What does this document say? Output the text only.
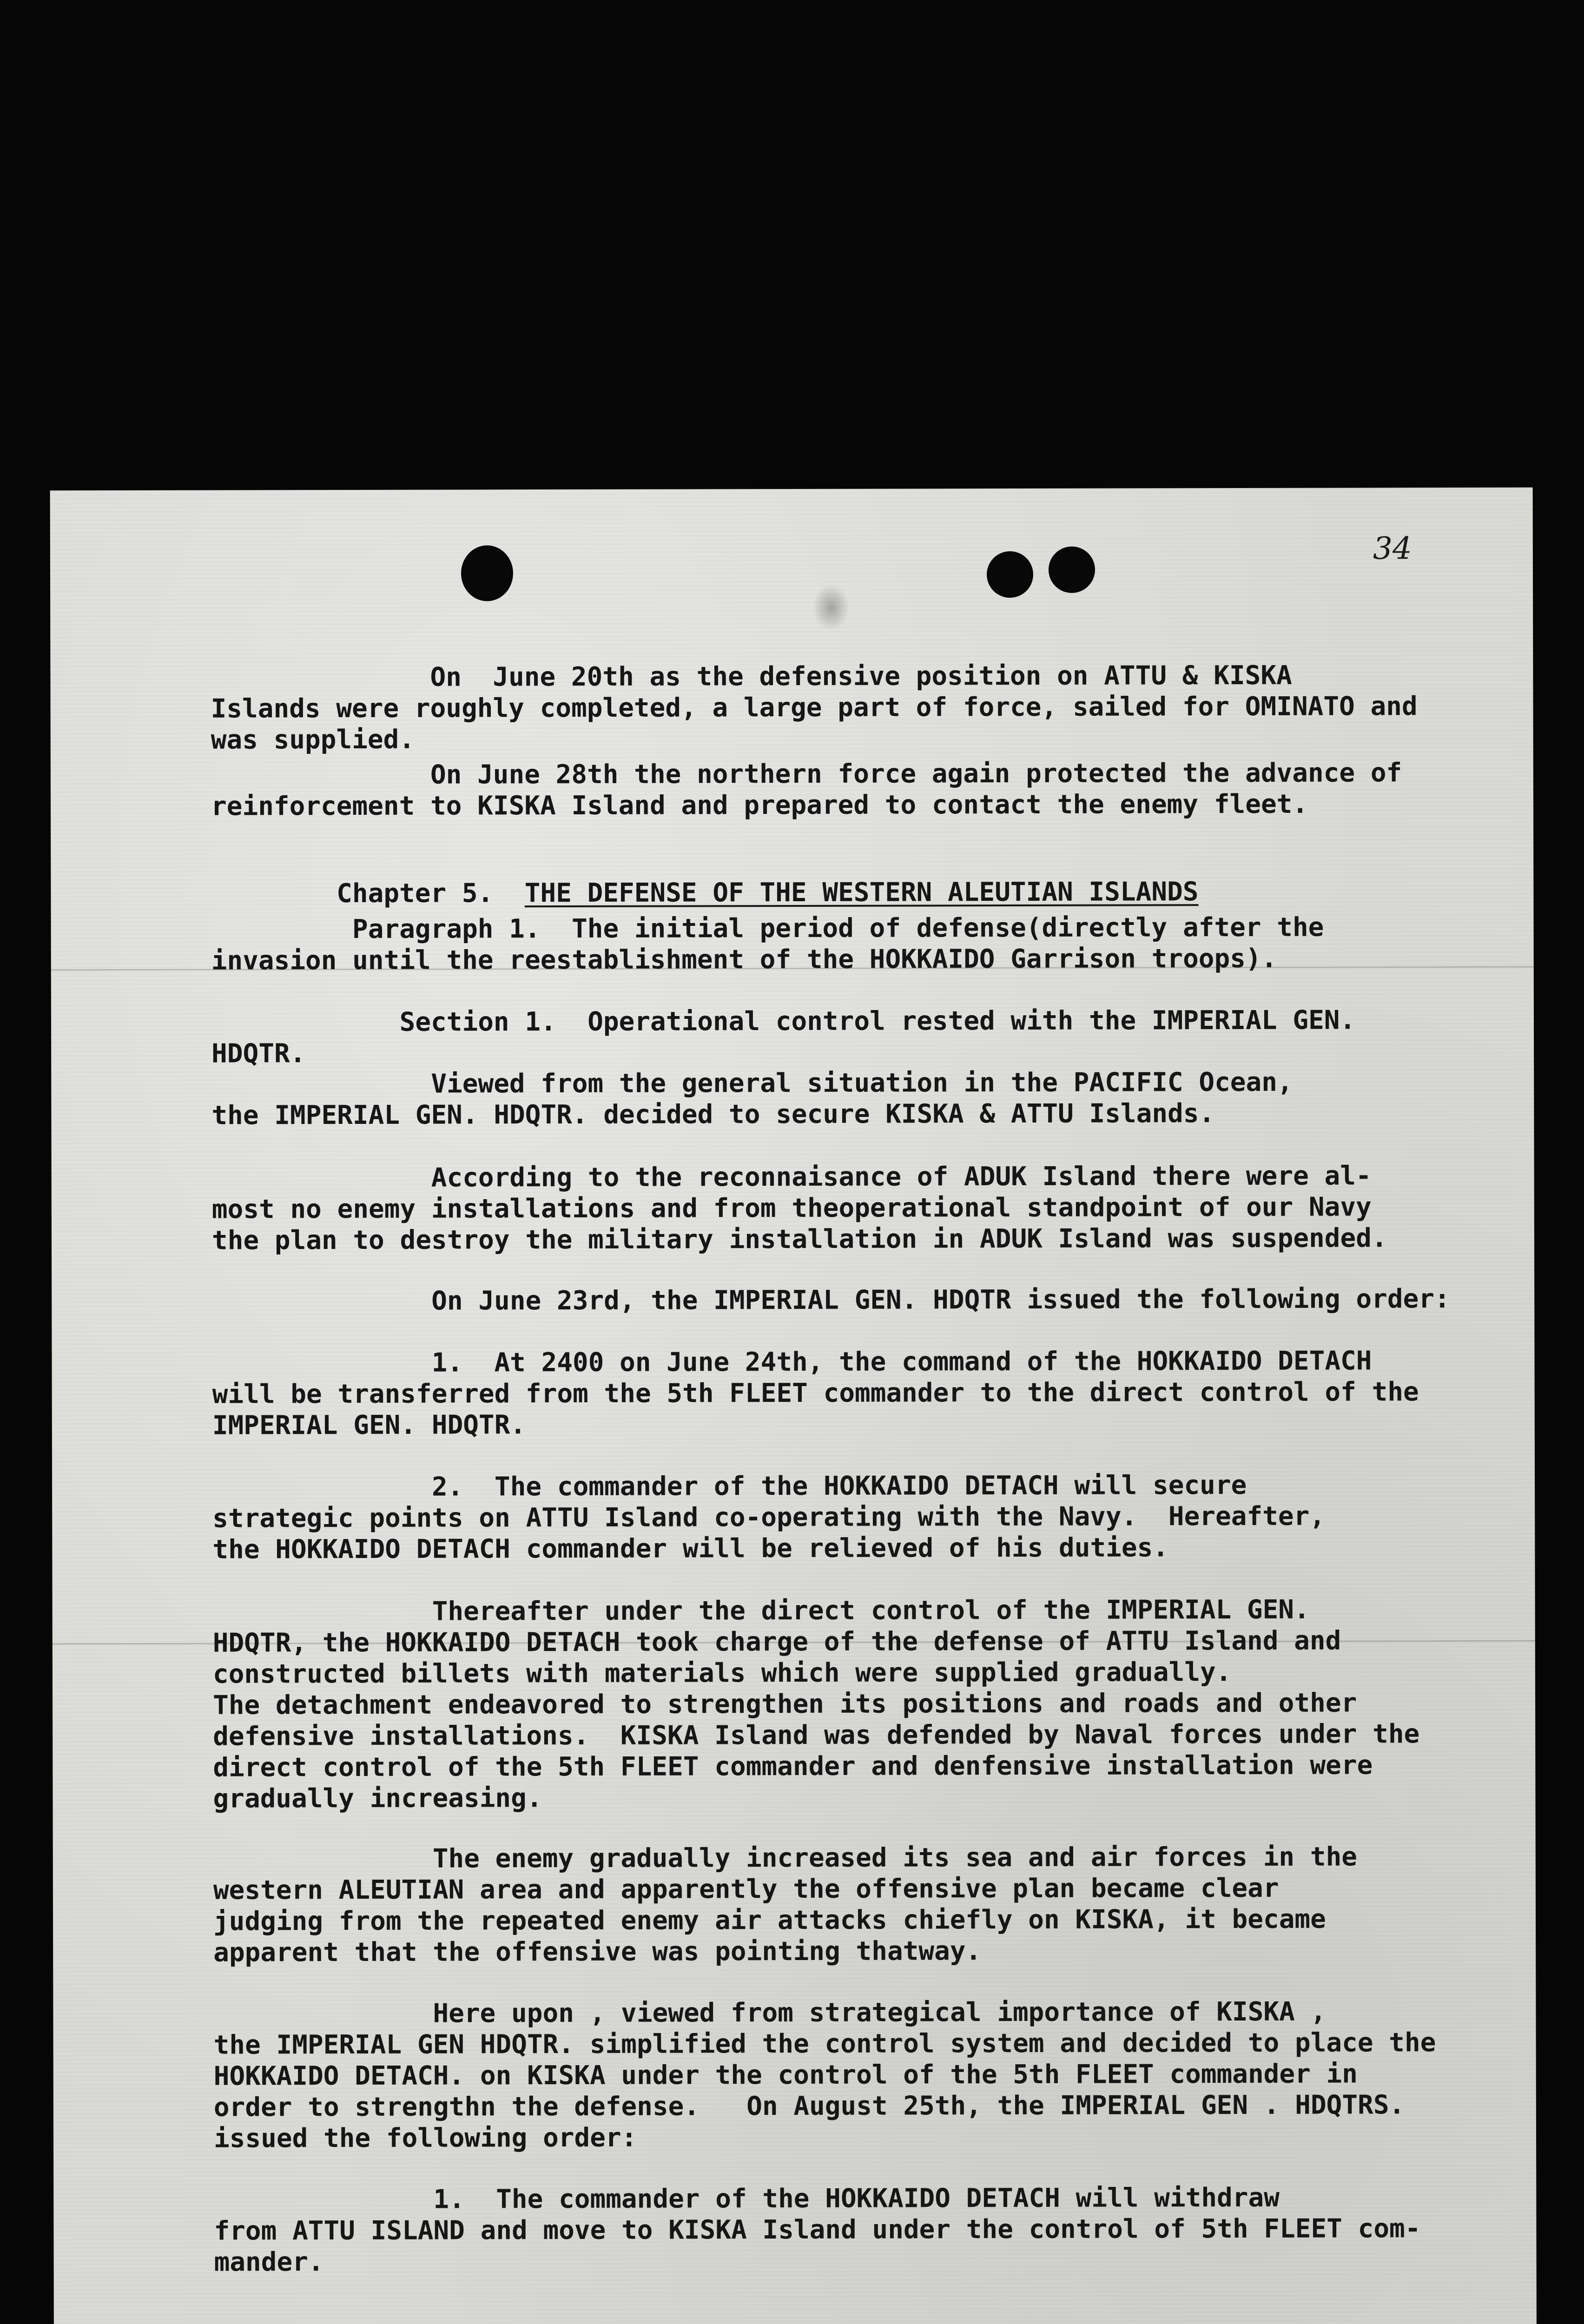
34
On  June 20th as the defensive position on ATTU & KISKA
Islands were roughly completed, a large part of force, sailed for OMINATO and
was supplied.
On June 28th the northern force again protected the advance of
reinforcement to KISKA Island and prepared to contact the enemy fleet.

Chapter 5. THE DEFENSE OF THE WESTERN ALEUTIAN ISLANDS

Paragraph 1.  The initial period of defense(directly after the
invasion until the reestablishment of the HOKKAIDO Garrison troops).
Section 1.  Operational control rested with the IMPERIAL GEN.
HDQTR.
Viewed from the general situation in the PACIFIC Ocean,
the IMPERIAL GEN. HDQTR. decided to secure KISKA & ATTU Islands.
According to the reconnaisance of ADUK Island there were al-
most no enemy installations and from theoperational standpoint of our Navy
the plan to destroy the military installation in ADUK Island was suspended.
On June 23rd, the IMPERIAL GEN. HDQTR issued the following order:
1.  At 2400 on June 24th, the command of the HOKKAIDO DETACH
will be transferred from the 5th FLEET commander to the direct control of the
IMPERIAL GEN. HDQTR.
2.  The commander of the HOKKAIDO DETACH will secure
strategic points on ATTU Island co-operating with the Navy.  Hereafter,
the HOKKAIDO DETACH commander will be relieved of his duties.
Thereafter under the direct control of the IMPERIAL GEN.
HDQTR, the HOKKAIDO DETACH took charge of the defense of ATTU Island and
constructed billets with materials which were supplied gradually.
The detachment endeavored to strengthen its positions and roads and other
defensive installations.  KISKA Island was defended by Naval forces under the
direct control of the 5th FLEET commander and denfensive installation were
gradually increasing.
The enemy gradually increased its sea and air forces in the
western ALEUTIAN area and apparently the offensive plan became clear
judging from the repeated enemy air attacks chiefly on KISKA, it became
apparent that the offensive was pointing thatway.
Here upon , viewed from strategical importance of KISKA ,
the IMPERIAL GEN HDQTR. simplified the control system and decided to place the
HOKKAIDO DETACH. on KISKA under the control of the 5th FLEET commander in
order to strengthn the defense.   On August 25th, the IMPERIAL GEN . HDQTRS.
issued the following order:
1.  The commander of the HOKKAIDO DETACH will withdraw
from ATTU ISLAND and move to KISKA Island under the control of 5th FLEET com-
mander.
